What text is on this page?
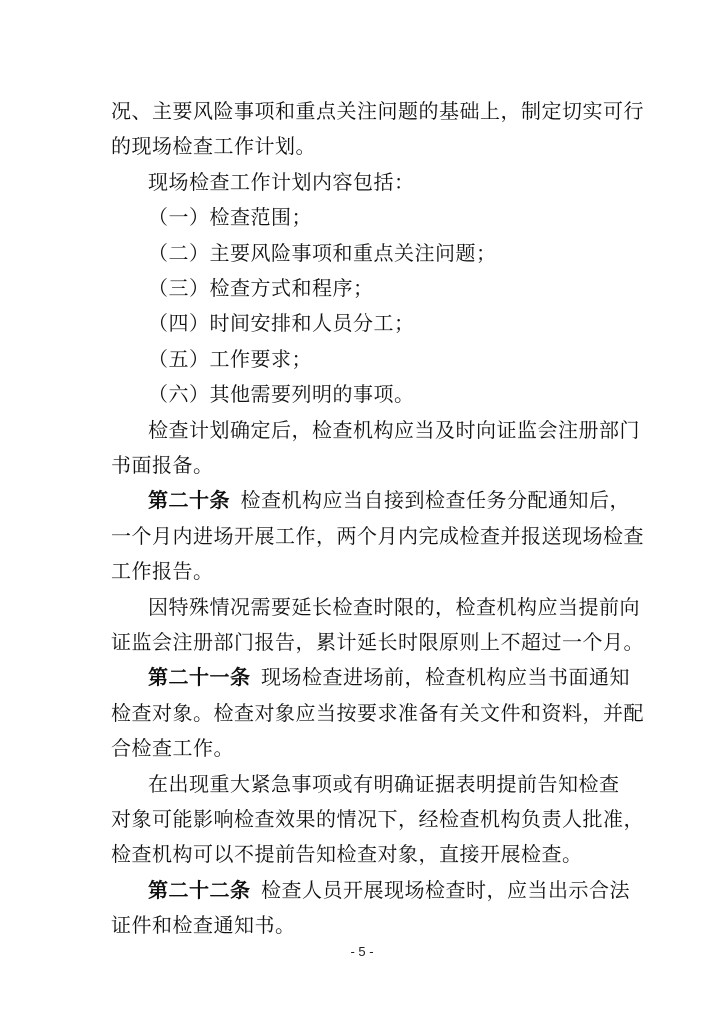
况、主要风险事项和重点关注问题的基础上，制定切实可行
的现场检查工作计划。
现场检查工作计划内容包括：
（一）检查范围；
（二）主要风险事项和重点关注问题；
（三）检查方式和程序；
（四）时间安排和人员分工；
（五）工作要求；
（六）其他需要列明的事项。
检查计划确定后，检查机构应当及时向证监会注册部门
书面报备。
第二十条  检查机构应当自接到检查任务分配通知后，
一个月内进场开展工作，两个月内完成检查并报送现场检查
工作报告。
因特殊情况需要延长检查时限的，检查机构应当提前向
证监会注册部门报告，累计延长时限原则上不超过一个月。
第二十一条  现场检查进场前，检查机构应当书面通知
检查对象。检查对象应当按要求准备有关文件和资料，并配
合检查工作。
在出现重大紧急事项或有明确证据表明提前告知检查
对象可能影响检查效果的情况下，经检查机构负责人批准，
检查机构可以不提前告知检查对象，直接开展检查。
第二十二条  检查人员开展现场检查时，应当出示合法
证件和检查通知书。
- 5 -
